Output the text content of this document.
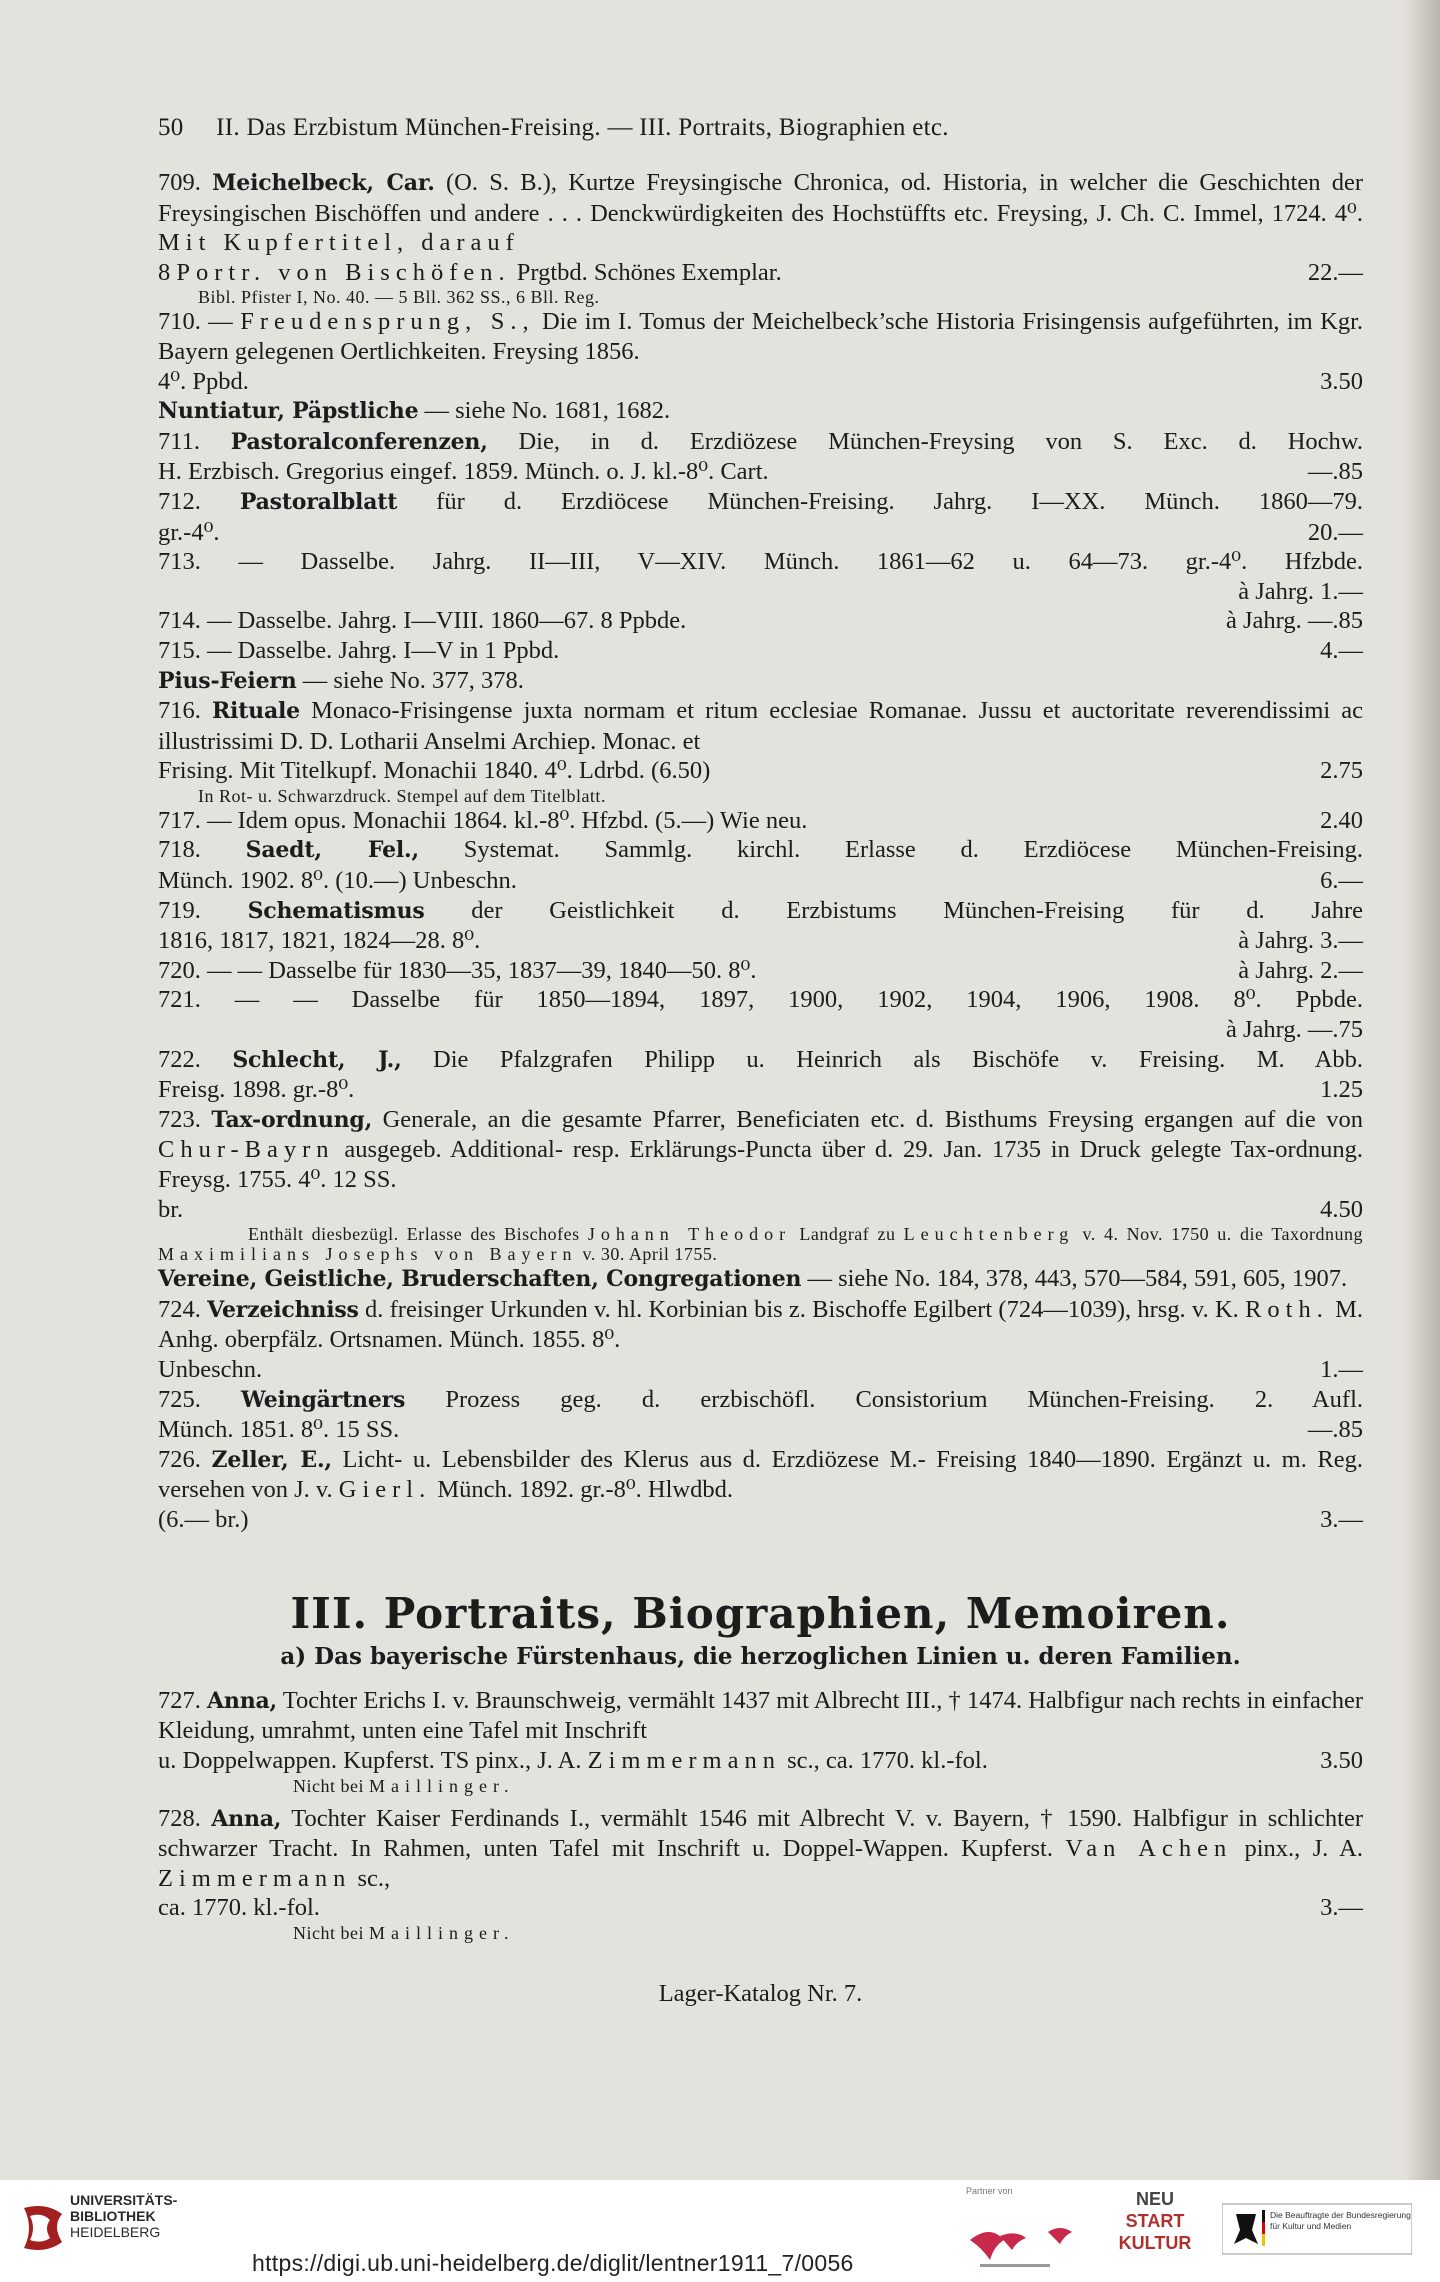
50 II. Das Erzbistum München-Freising. — III. Portraits, Biographien etc.

709. Meichelbeck, Car. (O. S. B.), Kurtze Freysingische Chronica, od. Historia, in welcher die Geschichten der Freysingischen Bischöffen und andere . . . Denckwürdigkeiten des Hochstüffts etc. Freysing, J. Ch. C. Immel, 1724. 4⁰. Mit Kupfertitel, darauf

8 Portr. von Bischöfen. Prgtbd. Schönes Exemplar.	22.—
Bibl. Pfister I, No. 40. — 5 Bll. 362 SS., 6 Bll. Reg.

710. — Freudensprung, S., Die im I. Tomus der Meichelbeck’sche Historia Frisingensis aufgeführten, im Kgr. Bayern gelegenen Oertlichkeiten. Freysing 1856.

4⁰. Ppbd.	3.50
Nuntiatur, Päpstliche — siehe No. 1681, 1682.
711. Pastoralconferenzen, Die, in d. Erzdiözese München-Freysing von S. Exc. d. Hochw.
H. Erzbisch. Gregorius eingef. 1859. Münch. o. J. kl.-8⁰. Cart.	—.85
712. Pastoralblatt für d. Erzdiöcese München-Freising. Jahrg. I—XX. Münch. 1860—79.
gr.-4⁰.	20.—
713. — Dasselbe. Jahrg. II—III, V—XIV. Münch. 1861—62 u. 64—73. gr.-4⁰. Hfzbde.
à Jahrg. 1.—
714. — Dasselbe. Jahrg. I—VIII. 1860—67. 8 Ppbde.	à Jahrg. —.85
715. — Dasselbe. Jahrg. I—V in 1 Ppbd.	4.—
Pius-Feiern — siehe No. 377, 378.

716. Rituale Monaco-Frisingense juxta normam et ritum ecclesiae Romanae. Jussu et auctoritate reverendissimi ac illustrissimi D. D. Lotharii Anselmi Archiep. Monac. et

Frising. Mit Titelkupf. Monachii 1840. 4⁰. Ldrbd. (6.50)	2.75
In Rot- u. Schwarzdruck. Stempel auf dem Titelblatt.
717. — Idem opus. Monachii 1864. kl.-8⁰. Hfzbd. (5.—) Wie neu.	2.40
718. Saedt, Fel., Systemat. Sammlg. kirchl. Erlasse d. Erzdiöcese München-Freising.
Münch. 1902. 8⁰. (10.—) Unbeschn.	6.—
719. Schematismus der Geistlichkeit d. Erzbistums München-Freising für d. Jahre
1816, 1817, 1821, 1824—28. 8⁰.	à Jahrg. 3.—
720. — — Dasselbe für 1830—35, 1837—39, 1840—50. 8⁰.	à Jahrg. 2.—
721. — — Dasselbe für 1850—1894, 1897, 1900, 1902, 1904, 1906, 1908. 8⁰. Ppbde.
à Jahrg. —.75
722. Schlecht, J., Die Pfalzgrafen Philipp u. Heinrich als Bischöfe v. Freising. M. Abb.
Freisg. 1898. gr.-8⁰.	1.25

723. Tax-ordnung, Generale, an die gesamte Pfarrer, Beneficiaten etc. d. Bisthums Freysing ergangen auf die von Chur-Bayrn ausgegeb. Additional- resp. Erklärungs-Puncta über d. 29. Jan. 1735 in Druck gelegte Tax-ordnung. Freysg. 1755. 4⁰. 12 SS.

br.	4.50
Enthält diesbezügl. Erlasse des Bischofes Johann Theodor Landgraf zu Leuchtenberg v. 4. Nov. 1750 u. die Taxordnung Maximilians Josephs von Bayern v. 30. April 1755.
Vereine, Geistliche, Bruderschaften, Congregationen — siehe No. 184, 378, 443, 570—584, 591, 605, 1907.

724. Verzeichniss d. freisinger Urkunden v. hl. Korbinian bis z. Bischoffe Egilbert (724—1039), hrsg. v. K. Roth. M. Anhg. oberpfälz. Ortsnamen. Münch. 1855. 8⁰.

Unbeschn.	1.—
725. Weingärtners Prozess geg. d. erzbischöfl. Consistorium München-Freising. 2. Aufl.
Münch. 1851. 8⁰. 15 SS.	—.85

726. Zeller, E., Licht- u. Lebensbilder des Klerus aus d. Erzdiözese M.- Freising 1840—1890. Ergänzt u. m. Reg. versehen von J. v. Gierl. Münch. 1892. gr.-8⁰. Hlwdbd.

(6.— br.)	3.—
III. Portraits, Biographien, Memoiren.
a) Das bayerische Fürstenhaus, die herzoglichen Linien u. deren Familien.

727. Anna, Tochter Erichs I. v. Braunschweig, vermählt 1437 mit Albrecht III., † 1474. Halbfigur nach rechts in einfacher Kleidung, umrahmt, unten eine Tafel mit Inschrift

u. Doppelwappen. Kupferst. TS pinx., J. A. Zimmermann sc., ca. 1770. kl.-fol.	3.50
Nicht bei Maillinger.

728. Anna, Tochter Kaiser Ferdinands I., vermählt 1546 mit Albrecht V. v. Bayern, † 1590. Halbfigur in schlichter schwarzer Tracht. In Rahmen, unten Tafel mit Inschrift u. Doppel-Wappen. Kupferst. Van Achen pinx., J. A. Zimmermann sc.,

ca. 1770. kl.-fol.	3.—
Nicht bei Maillinger.
Lager-Katalog Nr. 7.
UNIVERSITÄTS-
BIBLIOTHEK
HEIDELBERG
https://digi.ub.uni-heidelberg.de/diglit/lentner1911_7/0056
Partner von	NEU
START
KULTUR
Die Beauftragte der Bundesregierung
für Kultur und Medien
